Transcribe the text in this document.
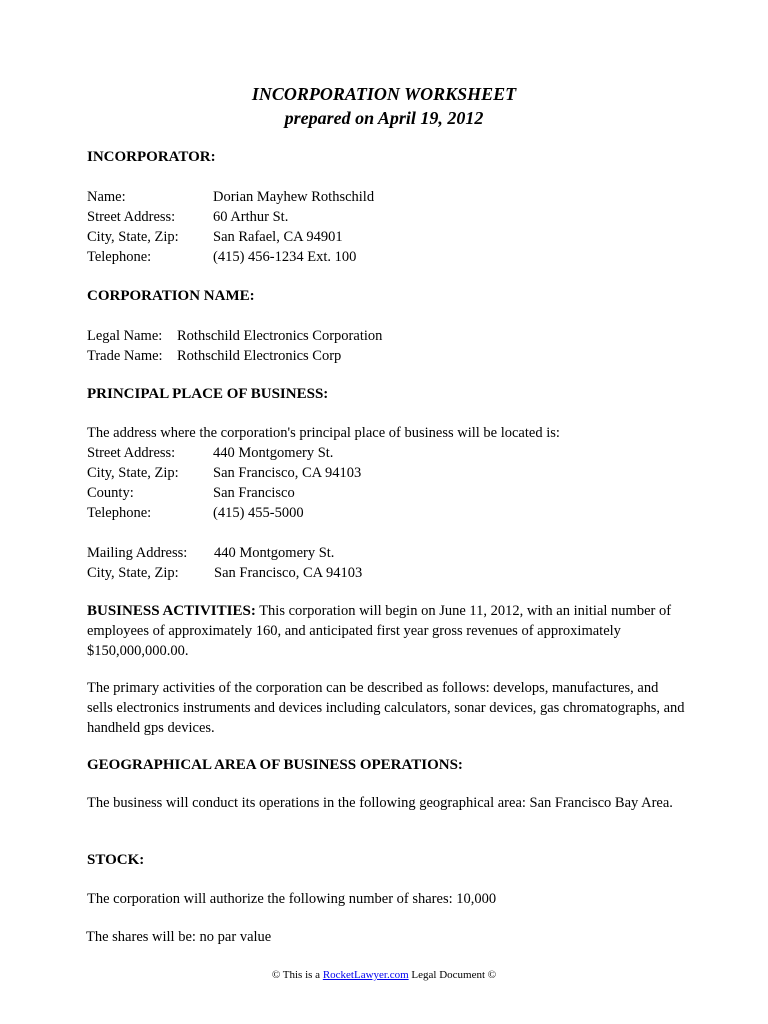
INCORPORATION WORKSHEET
prepared on April 19, 2012
INCORPORATOR:
Name:	Dorian Mayhew Rothschild
Street Address:	60 Arthur St.
City, State, Zip: San Rafael, CA 94901
Telephone:	(415) 456-1234 Ext. 100
CORPORATION NAME:
Legal Name: Rothschild Electronics Corporation
Trade Name: Rothschild Electronics Corp
PRINCIPAL PLACE OF BUSINESS:
The address where the corporation's principal place of business will be located is:
Street Address:	440 Montgomery St.
City, State, Zip: San Francisco, CA 94103
County:	San Francisco
Telephone:	(415) 455-5000
Mailing Address: 440 Montgomery St.
City, State, Zip: San Francisco, CA 94103
BUSINESS ACTIVITIES: This corporation will begin on June 11, 2012, with an initial number of employees of approximately 160, and anticipated first year gross revenues of approximately $150,000,000.00.
The primary activities of the corporation can be described as follows: develops, manufactures, and sells electronics instruments and devices including calculators, sonar devices, gas chromatographs, and handheld gps devices.
GEOGRAPHICAL AREA OF BUSINESS OPERATIONS:
The business will conduct its operations in the following geographical area: San Francisco Bay Area.
STOCK:
The corporation will authorize the following number of shares: 10,000
The shares will be: no par value
© This is a RocketLawyer.com Legal Document ©
